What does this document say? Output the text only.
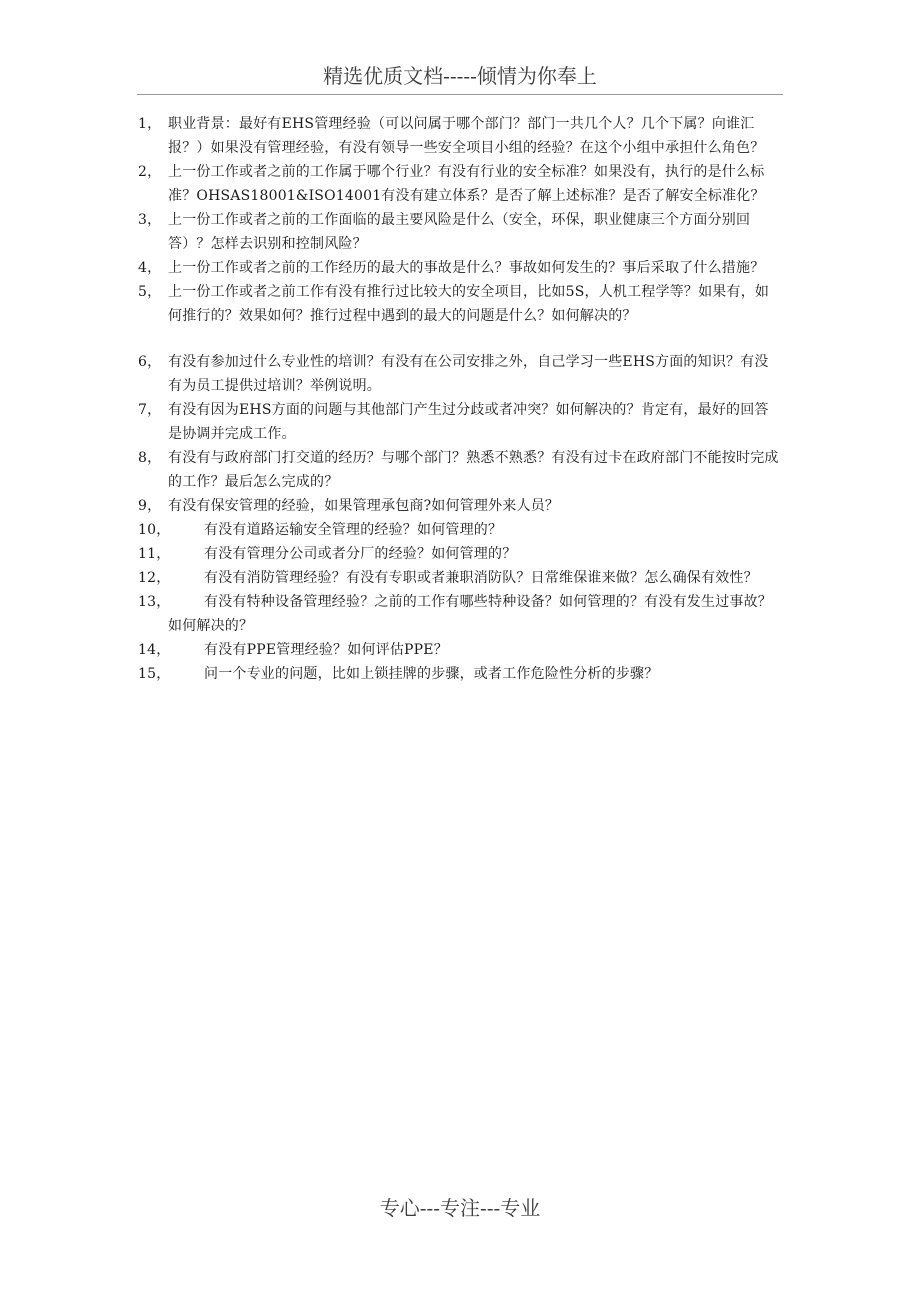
精选优质文档-----倾情为你奉上
1， 职业背景：最好有EHS管理经验（可以问属于哪个部门？部门一共几个人？几个下属？向谁汇报？）如果没有管理经验，有没有领导一些安全项目小组的经验？在这个小组中承担什么角色？
2， 上一份工作或者之前的工作属于哪个行业？有没有行业的安全标准？如果没有，执行的是什么标准？OHSAS18001&ISO14001有没有建立体系？是否了解上述标准？是否了解安全标准化？
3， 上一份工作或者之前的工作面临的最主要风险是什么（安全，环保，职业健康三个方面分别回答）？怎样去识别和控制风险？
4， 上一份工作或者之前的工作经历的最大的事故是什么？事故如何发生的？事后采取了什么措施？
5， 上一份工作或者之前工作有没有推行过比较大的安全项目，比如5S，人机工程学等？如果有，如何推行的？效果如何？推行过程中遇到的最大的问题是什么？如何解决的？
6， 有没有参加过什么专业性的培训？有没有在公司安排之外，自己学习一些EHS方面的知识？有没有为员工提供过培训？举例说明。
7， 有没有因为EHS方面的问题与其他部门产生过分歧或者冲突？如何解决的？肯定有，最好的回答是协调并完成工作。
8， 有没有与政府部门打交道的经历？与哪个部门？熟悉不熟悉？有没有过卡在政府部门不能按时完成的工作？最后怎么完成的？
9， 有没有保安管理的经验，如果管理承包商?如何管理外来人员？
10，	有没有道路运输安全管理的经验？如何管理的？
11，	有没有管理分公司或者分厂的经验？如何管理的？
12，	有没有消防管理经验？有没有专职或者兼职消防队？日常维保谁来做？怎么确保有效性？
13，	有没有特种设备管理经验？之前的工作有哪些特种设备？如何管理的？有没有发生过事故？如何解决的？
14，	有没有PPE管理经验？如何评估PPE？
15，	问一个专业的问题，比如上锁挂牌的步骤，或者工作危险性分析的步骤？
专心---专注---专业
